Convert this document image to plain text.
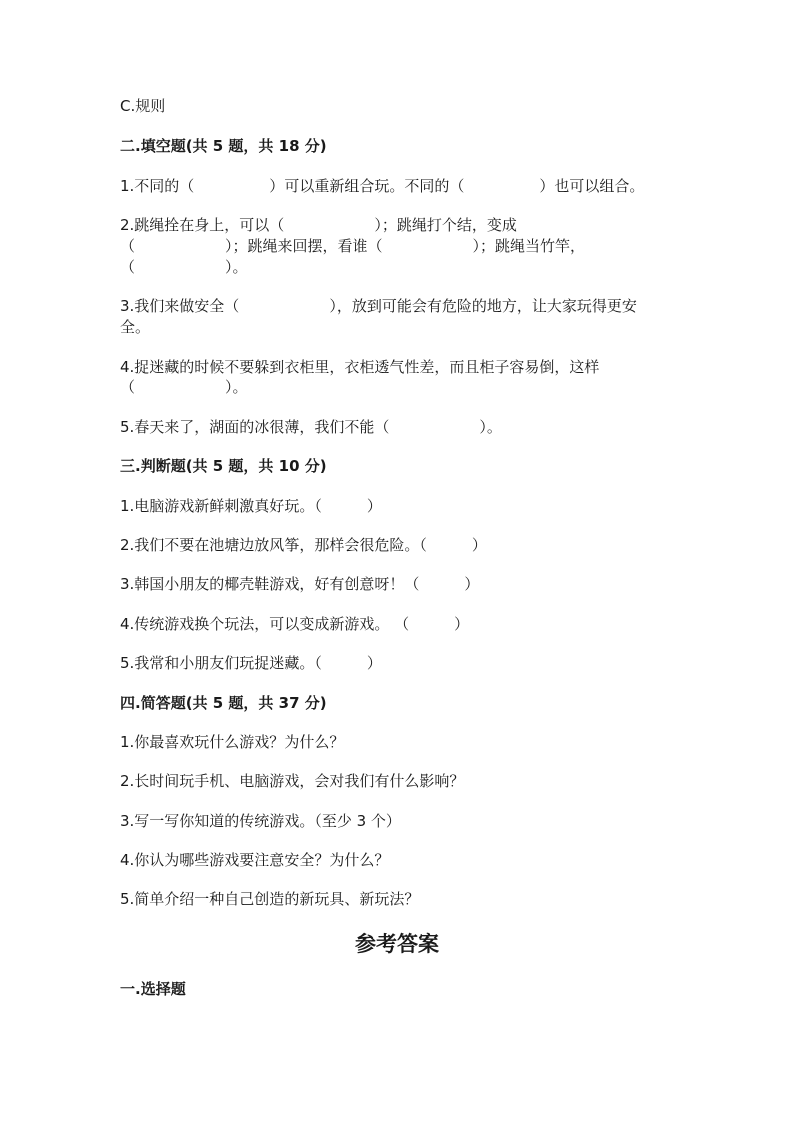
C.规则

二.填空题(共 5 题，共 18 分)

1.不同的（　　　　　）可以重新组合玩。不同的（　　　　　）也可以组合。

2.跳绳拴在身上，可以（　　　　　　）；跳绳打个结，变成

（　　　　　　）；跳绳来回摆，看谁（　　　　　　）；跳绳当竹竿，

（　　　　　　）。

3.我们来做安全（　　　　　　），放到可能会有危险的地方，让大家玩得更安

全。

4.捉迷藏的时候不要躲到衣柜里，衣柜透气性差，而且柜子容易倒，这样

（　　　　　　）。

5.春天来了，湖面的冰很薄，我们不能（　　　　　　）。

三.判断题(共 5 题，共 10 分)

1.电脑游戏新鲜刺激真好玩。（　　　）

2.我们不要在池塘边放风筝，那样会很危险。（　　　）

3.韩国小朋友的椰壳鞋游戏，好有创意呀！（　　　）

4.传统游戏换个玩法，可以变成新游戏。 （　　　）

5.我常和小朋友们玩捉迷藏。（　　　）

四.简答题(共 5 题，共 37 分)

1.你最喜欢玩什么游戏？为什么？

2.长时间玩手机、电脑游戏，会对我们有什么影响？

3.写一写你知道的传统游戏。（至少 3 个）

4.你认为哪些游戏要注意安全？为什么？

5.简单介绍一种自己创造的新玩具、新玩法？

参考答案

一.选择题
